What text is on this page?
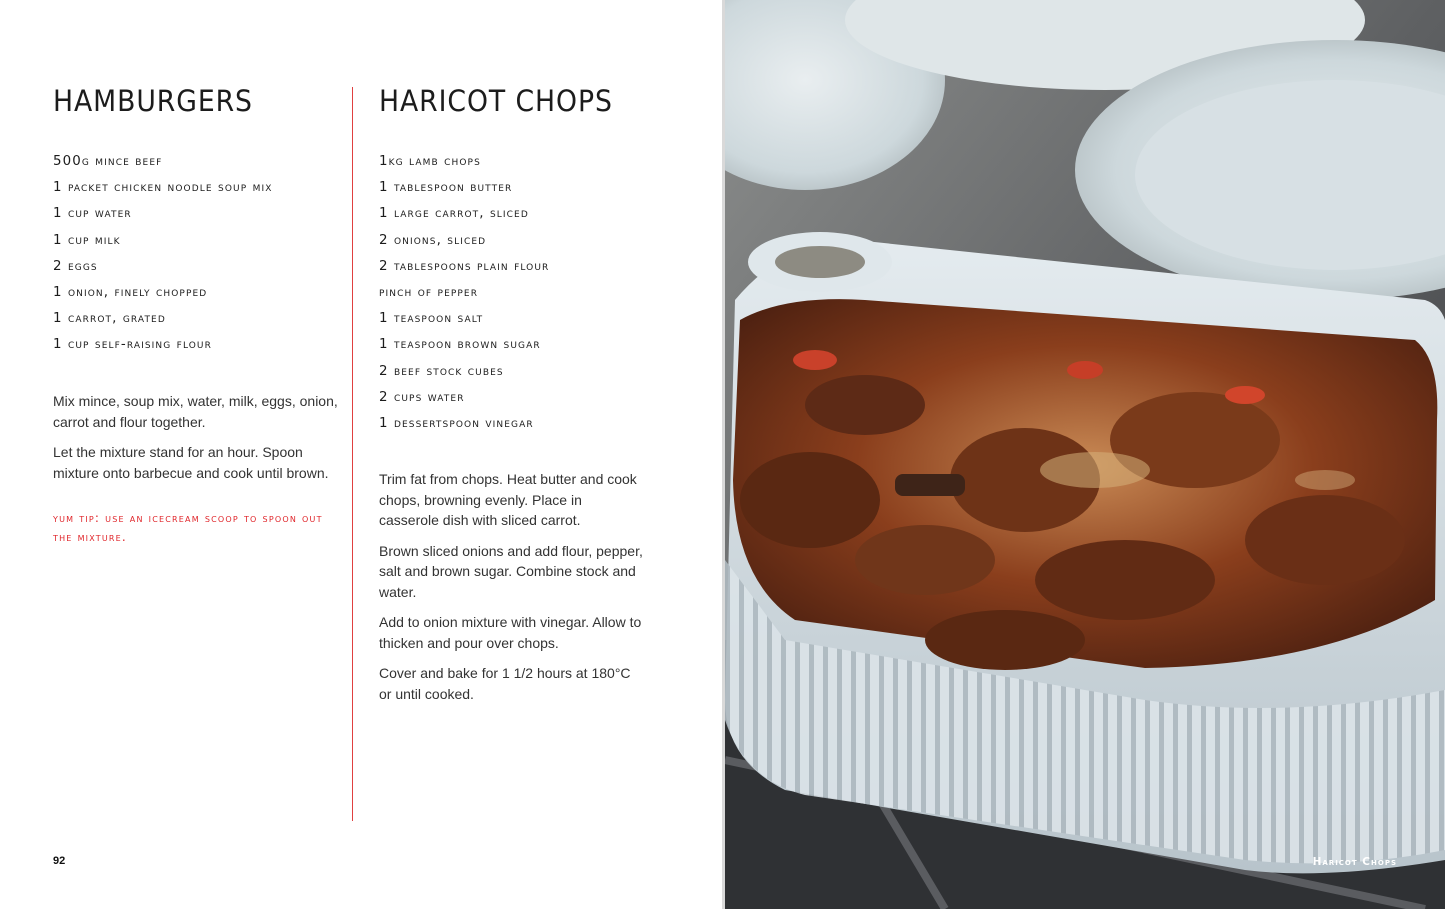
HAMBURGERS
500g mince beef
1 packet chicken noodle soup mix
1 cup water
1 cup milk
2 eggs
1 onion, finely chopped
1 carrot, grated
1 cup self-raising flour

Mix mince, soup mix, water, milk, eggs, onion, carrot and flour together.

Let the mixture stand for an hour. Spoon mixture onto barbecue and cook until brown.

yum tip: use an icecream scoop to spoon out the mixture.

HARICOT CHOPS
1kg lamb chops
1 tablespoon butter
1 large carrot, sliced
2 onions, sliced
2 tablespoons plain flour
pinch of pepper
1 teaspoon salt
1 teaspoon brown sugar
2 beef stock cubes
2 cups water
1 dessertspoon vinegar

Trim fat from chops. Heat butter and cook chops, browning evenly. Place in casserole dish with sliced carrot.

Brown sliced onions and add flour, pepper, salt and brown sugar. Combine stock and water.

Add to onion mixture with vinegar. Allow to thicken and pour over chops.

Cover and bake for 1 1/2 hours at 180°C or until cooked.

92	Haricot Chops
